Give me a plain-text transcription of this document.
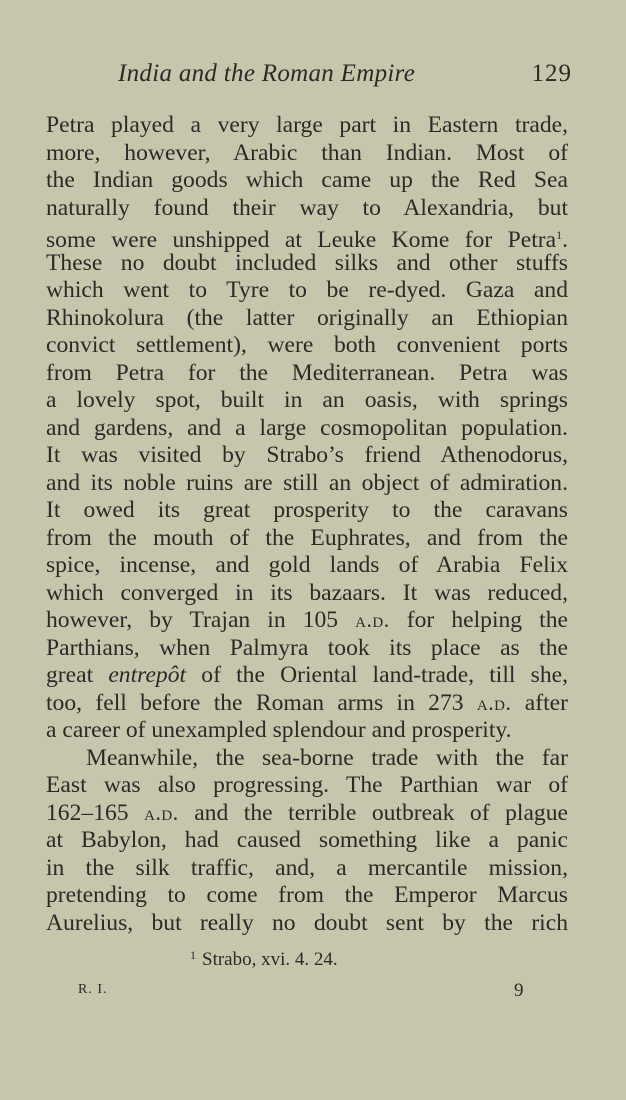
India and the Roman Empire	129
Petra played a very large part in Eastern trade,
more, however, Arabic than Indian. Most of
the Indian goods which came up the Red Sea
naturally found their way to Alexandria, but
some were unshipped at Leuke Kome for Petra$^1$.
These no doubt included silks and other stuffs
which went to Tyre to be re-dyed. Gaza and
Rhinokolura (the latter originally an Ethiopian
convict settlement), were both convenient ports
from Petra for the Mediterranean. Petra was
a lovely spot, built in an oasis, with springs
and gardens, and a large cosmopolitan population.
It was visited by Strabo’s friend Athenodorus,
and its noble ruins are still an object of admiration.
It owed its great prosperity to the caravans
from the mouth of the Euphrates, and from the
spice, incense, and gold lands of Arabia Felix
which converged in its bazaars. It was reduced,
however, by Trajan in 105 a.d. for helping the
Parthians, when Palmyra took its place as the
great entrepôt of the Oriental land-trade, till she,
too, fell before the Roman arms in 273 a.d. after
a career of unexampled splendour and prosperity.
Meanwhile, the sea-borne trade with the far
East was also progressing. The Parthian war of
162–165 a.d. and the terrible outbreak of plague
at Babylon, had caused something like a panic
in the silk traffic, and, a mercantile mission,
pretending to come from the Emperor Marcus
Aurelius, but really no doubt sent by the rich
$^1$ Strabo, xvi. 4. 24.
R. I.	9
